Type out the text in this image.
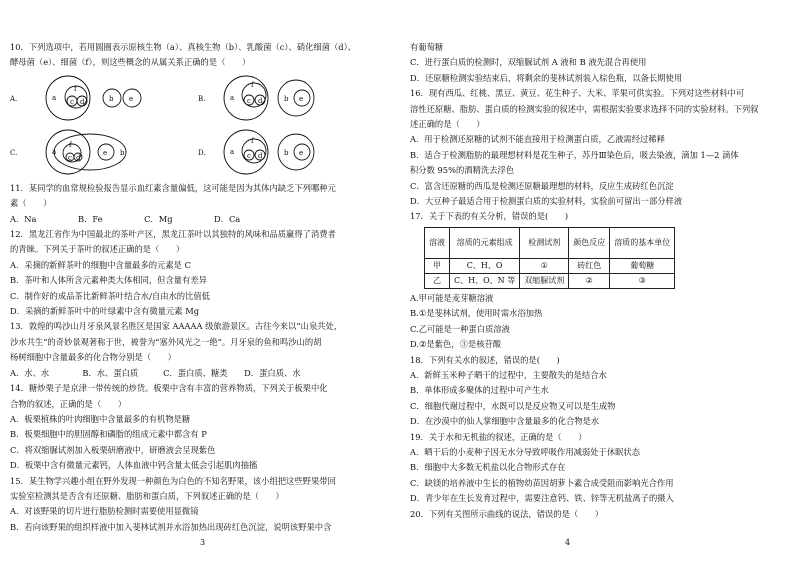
10．下列选项中，若用圆圈表示原核生物（a）、真核生物（b）、乳酸菌（c）、硝化细菌（d）、

酵母菌（e）、细菌（f），则这些概念的从属关系正确的是（　　）

A.	a
f
c d	b e	B.	a
f
c d	b e
C.	a
f
c d
e b	D.	a
f
c d	b e

11．某同学的血常规检验报告显示血红素含量偏低，这可能是因为其体内缺乏下列哪种元

素（　　）

A．Na　　　　　B．Fe　　　　　C．Mg　　　　　D．Ca

12．黑龙江省作为中国最北的茶叶产区，黑龙江茶叶以其独特的风味和品质赢得了消费者

的青睐。下列关于茶叶的叙述正确的是（　　）

A．采摘的新鲜茶叶的细胞中含量最多的元素是 C

B．茶叶和人体所含元素种类大体相同，但含量有差异

C．制作好的成品茶比新鲜茶叶结合水/自由水的比值低

D．采摘的新鲜茶叶中的叶绿素中含有微量元素 Mg

13．敦煌的鸣沙山月牙泉风景名胜区是国家 AAAAA 级旅游景区。古往今来以“山泉共处，

沙水共生”的奇妙景观著称于世，被誉为“塞外风光之一绝”。月牙泉的鱼和鸣沙山的胡

杨树细胞中含量最多的化合物分别是（　　）

A．水、水　　　　B．水、蛋白质　　　C．蛋白质、糖类　　D．蛋白质、水

14．糖炒栗子是京津一带传统的炒货。板栗中含有丰富的营养物质，下列关于板栗中化

合物的叙述，正确的是（　　）

A．板栗植株的叶肉细胞中含量最多的有机物是糖

B．板栗细胞中的胆固醇和磷脂的组成元素中都含有 P

C．将双缩脲试剂加入板栗研磨液中，研磨液会呈现紫色

D．板栗中含有微量元素钙，人体血液中钙含量太低会引起肌肉抽搐

15．某生物学兴趣小组在野外发现一种颜色为白色的不知名野果，该小组把这些野果带回

实验室检测其是否含有还原糖、脂肪和蛋白质，下列叙述正确的是（　　）

A．对该野果的切片进行脂肪检测时需要使用显微镜

B．若向该野果的组织样液中加入斐林试剂并水浴加热出现砖红色沉淀，说明该野果中含

有葡萄糖

C．进行蛋白质的检测时，双缩脲试剂 A 液和 B 液先混合再使用

D．还原糖检测实验结束后，将剩余的斐林试剂装入棕色瓶，以备长期使用

16．现有西瓜、红桃、黑豆、黄豆、花生种子、大米、苹果可供实验。下列对这些材料中可

溶性还原糖、脂肪、蛋白质的检测实验的叙述中，需根据实验要求选择不同的实验材料。下列叙

述正确的是（　　）

A．用于检测还原糖的试剂不能直接用于检测蛋白质，乙液需经过稀释

B．适合于检测脂肪的最理想材料是花生种子，苏丹Ⅲ染色后，吸去染液，滴加 1—2 滴体

积分数 95%的酒精洗去浮色

C．富含还原糖的西瓜是检测还原糖最理想的材料，反应生成砖红色沉淀

D．大豆种子最适合用于检测蛋白质的实验材料，实验前可留出一部分样液

17．关于下表的有关分析，错误的是(　　)

溶液	溶质的元素组成	检测试剂	颜色反应	溶质的基本单位
甲	C、H、O	①	砖红色	葡萄糖
乙	C、H、O、N 等	双缩脲试剂	②	③

A.甲可能是麦芽糖溶液

B.①是斐林试剂，使用时需水浴加热

C.乙可能是一种蛋白质溶液

D.②是紫色，③是核苷酸

18．下列有关水的叙述，错误的是(　　)

A．新鲜玉米种子晒干的过程中，主要散失的是结合水

B．单体形成多聚体的过程中可产生水

C．细胞代谢过程中，水既可以是反应物又可以是生成物

D．在沙漠中的仙人掌细胞中含量最多的化合物是水

19．关于水和无机盐的叙述，正确的是（　　）

A．晒干后的小麦种子因无水分导致呼吸作用减弱处于休眠状态

B．细胞中大多数无机盐以化合物形式存在

C．缺镁的培养液中生长的植物幼苗因胡萝卜素合成受阻而影响光合作用

D．青少年在生长发育过程中，需要注意钙、铁、锌等无机盐离子的摄入

20．下列有关图所示曲线的说法，错误的是（　　）

3	4
